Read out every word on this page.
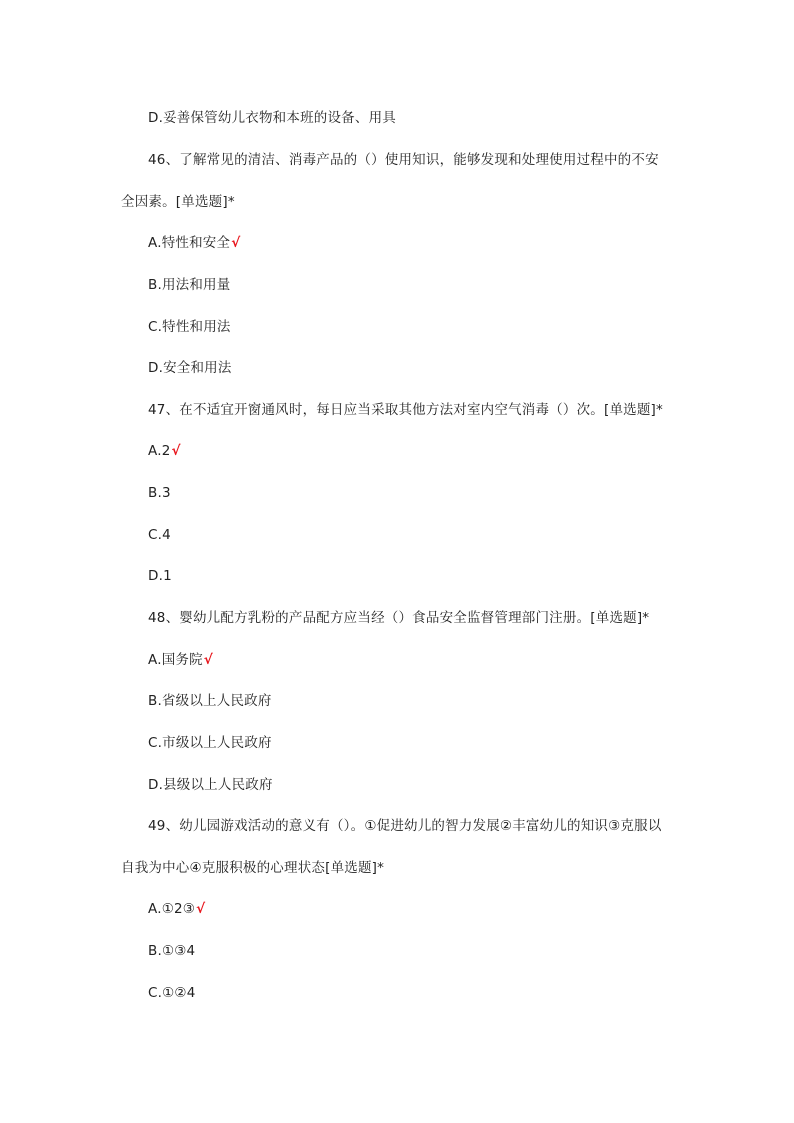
D.妥善保管幼儿衣物和本班的设备、用具
46、了解常见的清洁、消毒产品的（）使用知识，能够发现和处理使用过程中的不安
全因素。[单选题]*
A.特性和安全√
B.用法和用量
C.特性和用法
D.安全和用法
47、在不适宜开窗通风时，每日应当采取其他方法对室内空气消毒（）次。[单选题]*
A.2√
B.3
C.4
D.1
48、婴幼儿配方乳粉的产品配方应当经（）食品安全监督管理部门注册。[单选题]*
A.国务院√
B.省级以上人民政府
C.市级以上人民政府
D.县级以上人民政府
49、幼儿园游戏活动的意义有（）。①促进幼儿的智力发展②丰富幼儿的知识③克服以
自我为中心④克服积极的心理状态[单选题]*
A.①2③√
B.①③4
C.①②4
